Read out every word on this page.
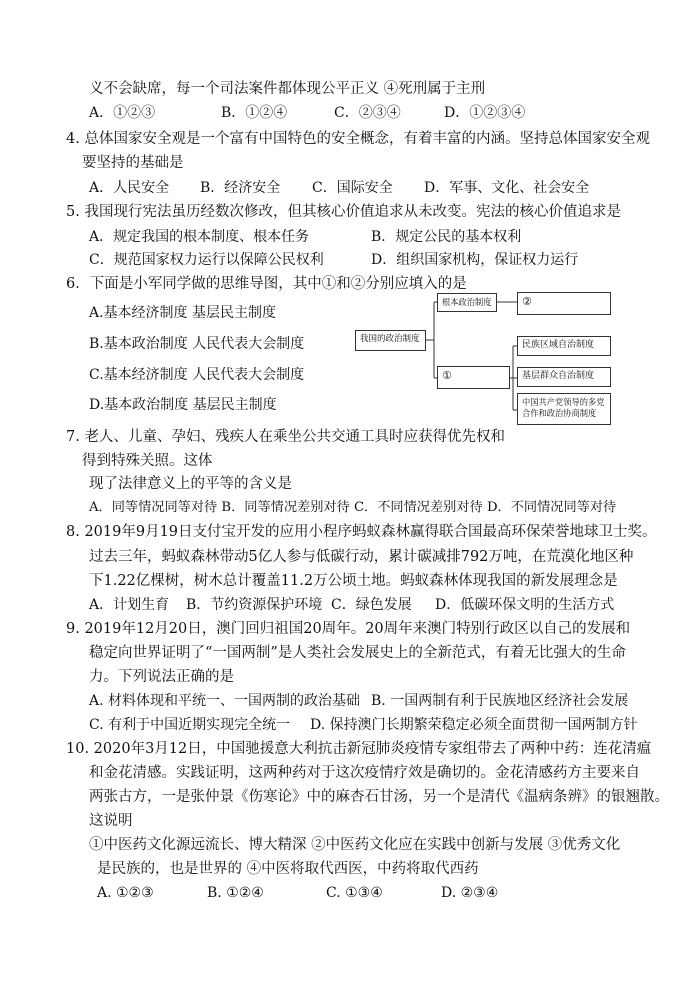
义不会缺席，每一个司法案件都体现公平正义 ④死刑属于主刑
A．①②③	B．①②④	C．②③④	D．①②③④
4. 总体国家安全观是一个富有中国特色的安全概念，有着丰富的内涵。坚持总体国家安全观
要坚持的基础是
A．人民安全 B．经济安全 C．国际安全 D．军事、文化、社会安全
5. 我国现行宪法虽历经数次修改，但其核心价值追求从未改变。宪法的核心价值追求是
A．规定我国的根本制度、根本任务	B．规定公民的基本权利
C．规范国家权力运行以保障公民权利	D．组织国家机构，保证权力运行
6．下面是小军同学做的思维导图，其中①和②分别应填入的是
A.基本经济制度 基层民主制度
B.基本政治制度 人民代表大会制度
C.基本经济制度 人民代表大会制度
D.基本政治制度 基层民主制度
我国的政治制度
根本政治制度	②
①
民族区域自治制度
基层群众自治制度
中国共产党领导的多党
合作和政治协商制度
7. 老人、儿童、孕妇、残疾人在乘坐公共交通工具时应获得优先权和
得到特殊关照。这体
现了法律意义上的平等的含义是
A．同等情况同等对待 B．同等情况差别对待 C．不同情况差别对待 D．不同情况同等对待
8. 2019年9月19日支付宝开发的应用小程序蚂蚁森林赢得联合国最高环保荣誉地球卫士奖。
过去三年，蚂蚁森林带动5亿人参与低碳行动，累计碳减排792万吨，在荒漠化地区种
下1.22亿棵树，树木总计覆盖11.2万公顷土地。蚂蚁森林体现我国的新发展理念是
A．计划生育 B．节约资源保护环境 C．绿色发展 D．低碳环保文明的生活方式
9. 2019年12月20日，澳门回归祖国20周年。20周年来澳门特别行政区以自己的发展和
稳定向世界证明了“一国两制”是人类社会发展史上的全新范式，有着无比强大的生命
力。下列说法正确的是
A. 材料体现和平统一、一国两制的政治基础 B. 一国两制有利于民族地区经济社会发展
C. 有利于中国近期实现完全统一 D. 保持澳门长期繁荣稳定必须全面贯彻一国两制方针
10. 2020年3月12日，中国驰援意大利抗击新冠肺炎疫情专家组带去了两种中药：连花清瘟
和金花清感。实践证明，这两种药对于这次疫情疗效是确切的。金花清感药方主要来自
两张古方，一是张仲景《伤寒论》中的麻杏石甘汤，另一个是清代《温病条辨》的银翘散。
这说明
①中医药文化源远流长、博大精深 ②中医药文化应在实践中创新与发展 ③优秀文化
是民族的，也是世界的 ④中医将取代西医，中药将取代西药
A. ①②③	B. ①②④	C. ①③④	D. ②③④
